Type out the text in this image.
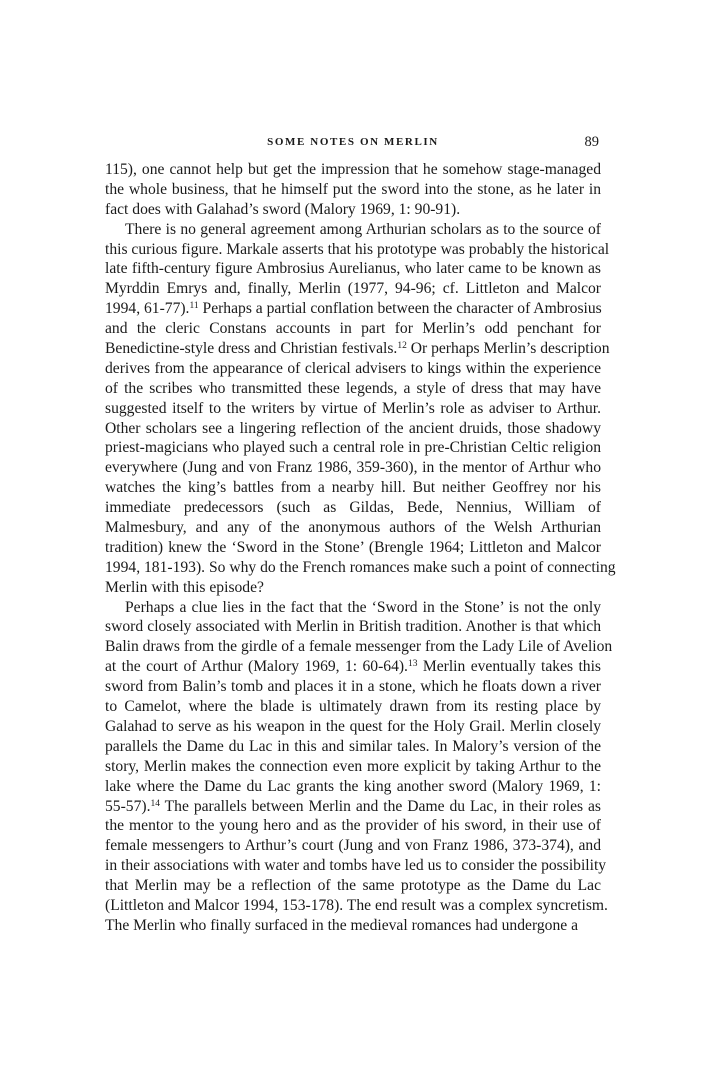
SOME NOTES ON MERLIN	89
115), one cannot help but get the impression that he somehow stage-managed
the whole business, that he himself put the sword into the stone, as he later in
fact does with Galahad’s sword (Malory 1969, 1: 90-91).
There is no general agreement among Arthurian scholars as to the source of
this curious figure. Markale asserts that his prototype was probably the historical
late fifth-century figure Ambrosius Aurelianus, who later came to be known as
Myrddin Emrys and, finally, Merlin (1977, 94-96; cf. Littleton and Malcor
1994, 61-77).$^{11}$ Perhaps a partial conflation between the character of Ambrosius
and the cleric Constans accounts in part for Merlin’s odd penchant for
Benedictine-style dress and Christian festivals.$^{12}$ Or perhaps Merlin’s description
derives from the appearance of clerical advisers to kings within the experience
of the scribes who transmitted these legends, a style of dress that may have
suggested itself to the writers by virtue of Merlin’s role as adviser to Arthur.
Other scholars see a lingering reflection of the ancient druids, those shadowy
priest-magicians who played such a central role in pre-Christian Celtic religion
everywhere (Jung and von Franz 1986, 359-360), in the mentor of Arthur who
watches the king’s battles from a nearby hill. But neither Geoffrey nor his
immediate predecessors (such as Gildas, Bede, Nennius, William of
Malmesbury, and any of the anonymous authors of the Welsh Arthurian
tradition) knew the ‘Sword in the Stone’ (Brengle 1964; Littleton and Malcor
1994, 181-193). So why do the French romances make such a point of connecting
Merlin with this episode?
Perhaps a clue lies in the fact that the ‘Sword in the Stone’ is not the only
sword closely associated with Merlin in British tradition. Another is that which
Balin draws from the girdle of a female messenger from the Lady Lile of Avelion
at the court of Arthur (Malory 1969, 1: 60-64).$^{13}$ Merlin eventually takes this
sword from Balin’s tomb and places it in a stone, which he floats down a river
to Camelot, where the blade is ultimately drawn from its resting place by
Galahad to serve as his weapon in the quest for the Holy Grail. Merlin closely
parallels the Dame du Lac in this and similar tales. In Malory’s version of the
story, Merlin makes the connection even more explicit by taking Arthur to the
lake where the Dame du Lac grants the king another sword (Malory 1969, 1:
55-57).$^{14}$ The parallels between Merlin and the Dame du Lac, in their roles as
the mentor to the young hero and as the provider of his sword, in their use of
female messengers to Arthur’s court (Jung and von Franz 1986, 373-374), and
in their associations with water and tombs have led us to consider the possibility
that Merlin may be a reflection of the same prototype as the Dame du Lac
(Littleton and Malcor 1994, 153-178). The end result was a complex syncretism.
The Merlin who finally surfaced in the medieval romances had undergone a
